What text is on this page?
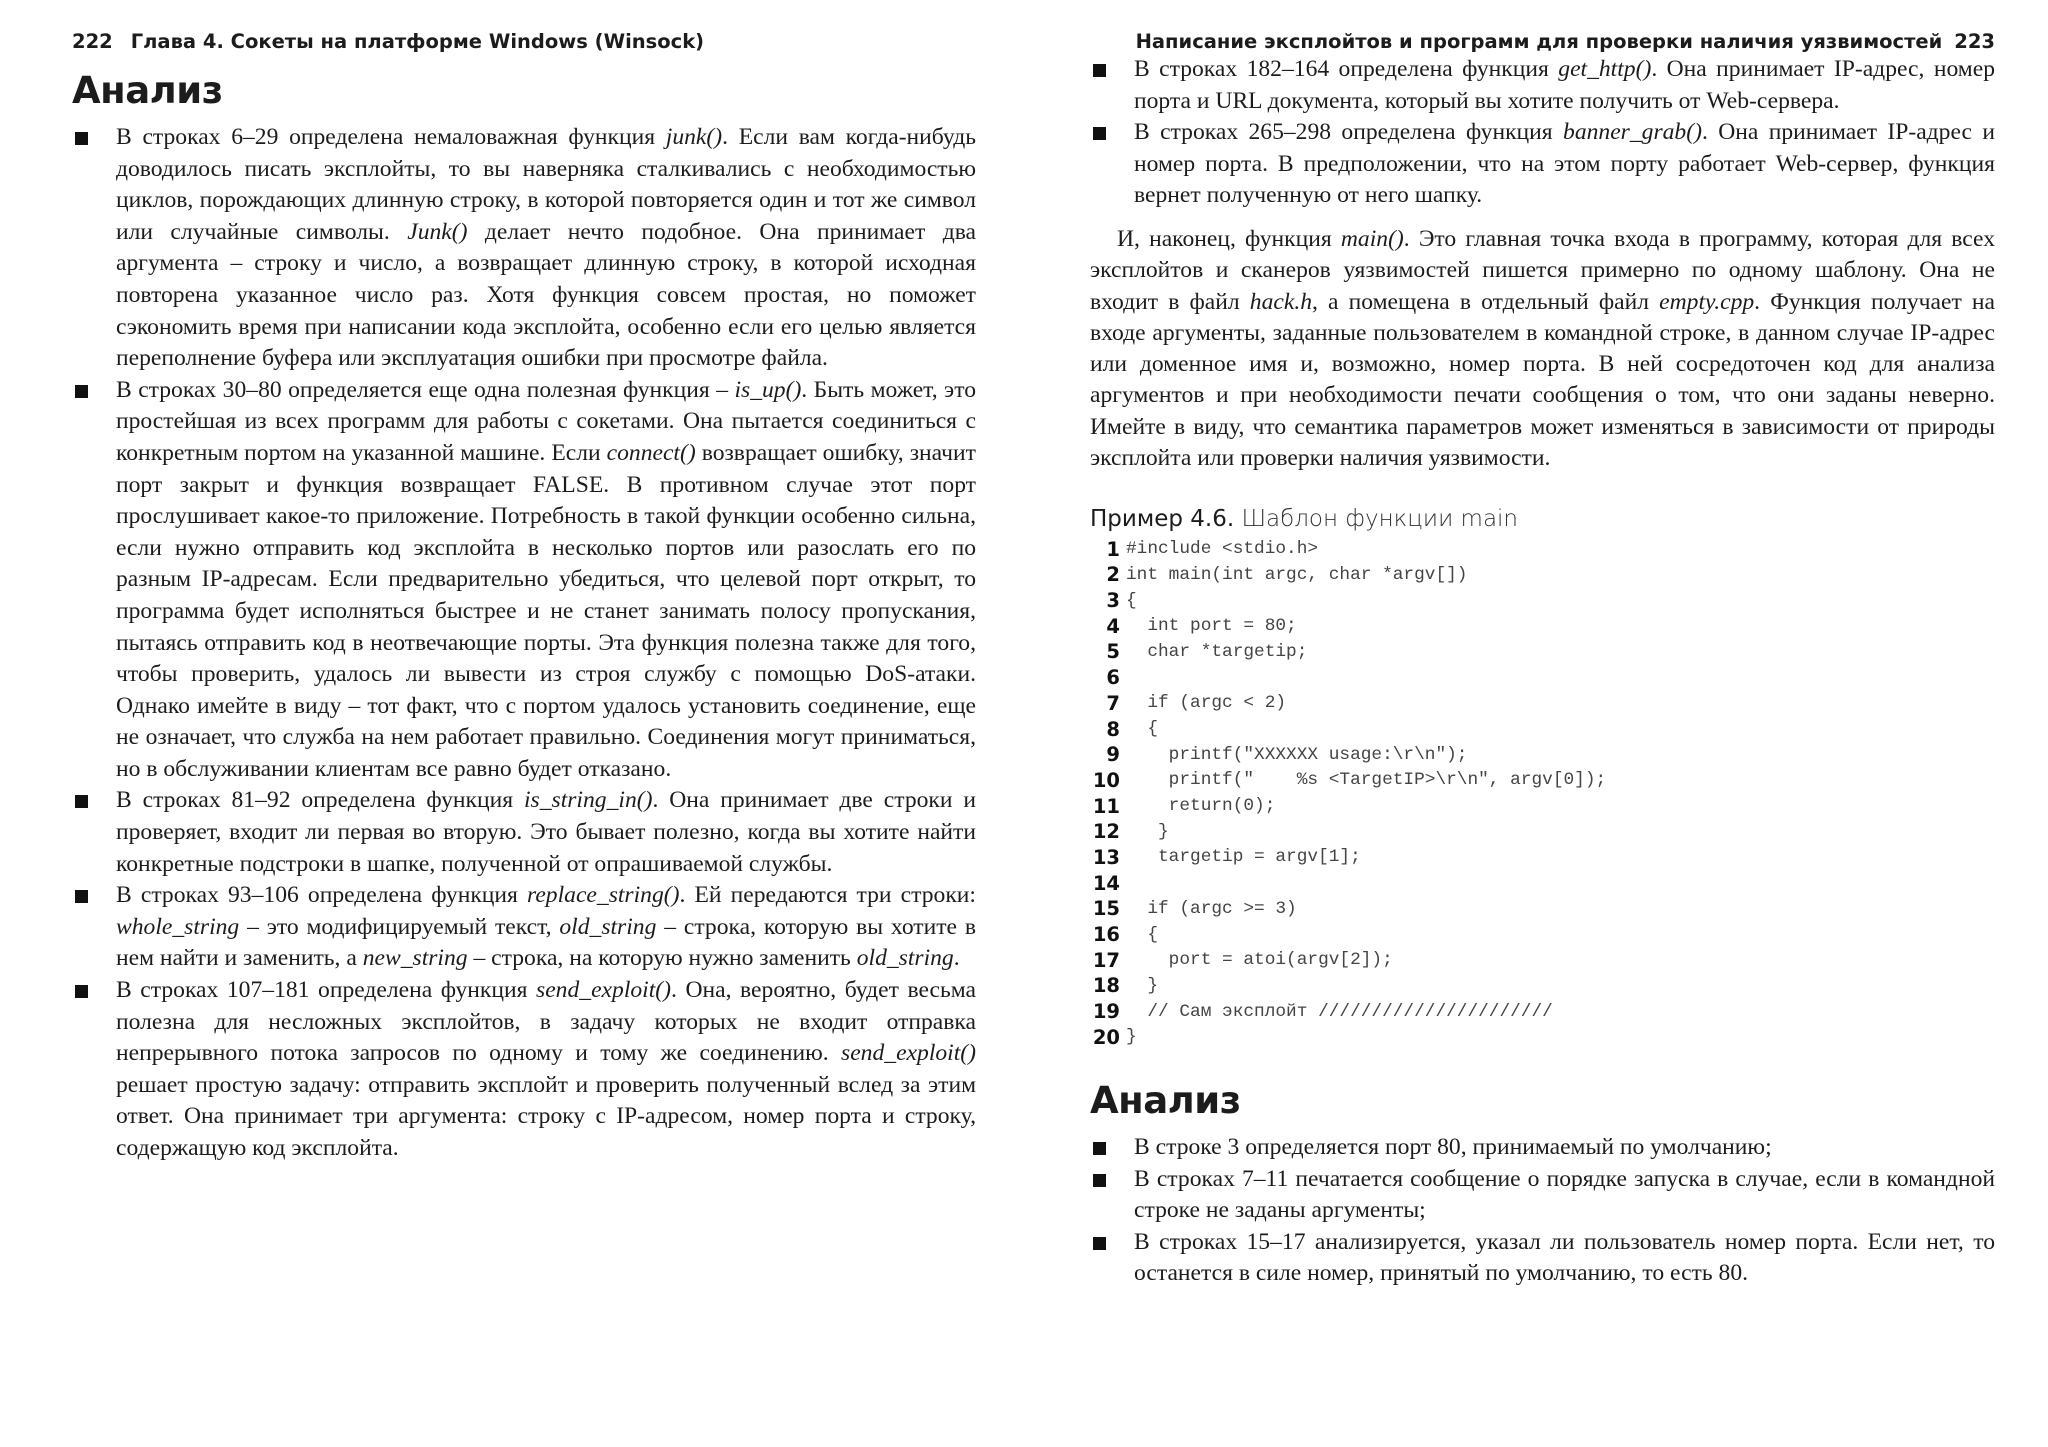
222 Глава 4. Сокеты на платформе Windows (Winsock)
Анализ
В строках 6–29 определена немаловажная функция junk(). Если вам когда-нибудь доводилось писать эксплойты, то вы наверняка сталкивались с необходимостью циклов, порождающих длинную строку, в которой повторяется один и тот же символ или случайные символы. Junk() делает нечто подобное. Она принимает два аргумента – строку и число, а возвращает длинную строку, в которой исходная повторена указанное число раз. Хотя функция совсем простая, но поможет сэкономить время при написании кода эксплойта, особенно если его целью является переполнение буфера или эксплуатация ошибки при просмотре файла.
В строках 30–80 определяется еще одна полезная функция – is_up(). Быть может, это простейшая из всех программ для работы с сокетами. Она пытается соединиться с конкретным портом на указанной машине. Если connect() возвращает ошибку, значит порт закрыт и функция возвращает FALSE. В противном случае этот порт прослушивает какое-то приложение. Потребность в такой функции особенно сильна, если нужно отправить код эксплойта в несколько портов или разослать его по разным IP-адресам. Если предварительно убедиться, что целевой порт открыт, то программа будет исполняться быстрее и не станет занимать полосу пропускания, пытаясь отправить код в неотвечающие порты. Эта функция полезна также для того, чтобы проверить, удалось ли вывести из строя службу с помощью DoS-атаки. Однако имейте в виду – тот факт, что с портом удалось установить соединение, еще не означает, что служба на нем работает правильно. Соединения могут приниматься, но в обслуживании клиентам все равно будет отказано.
В строках 81–92 определена функция is_string_in(). Она принимает две строки и проверяет, входит ли первая во вторую. Это бывает полезно, когда вы хотите найти конкретные подстроки в шапке, полученной от опрашиваемой службы.
В строках 93–106 определена функция replace_string(). Ей передаются три строки: whole_string – это модифицируемый текст, old_string – строка, которую вы хотите в нем найти и заменить, а new_string – строка, на которую нужно заменить old_string.
В строках 107–181 определена функция send_exploit(). Она, вероятно, будет весьма полезна для несложных эксплойтов, в задачу которых не входит отправка непрерывного потока запросов по одному и тому же соединению. send_exploit() решает простую задачу: отправить эксплойт и проверить полученный вслед за этим ответ. Она принимает три аргумента: строку с IP-адресом, номер порта и строку, содержащую код эксплойта.
Написание эксплойтов и программ для проверки наличия уязвимостей 223
В строках 182–164 определена функция get_http(). Она принимает IP-адрес, номер порта и URL документа, который вы хотите получить от Web-сервера.
В строках 265–298 определена функция banner_grab(). Она принимает IP-адрес и номер порта. В предположении, что на этом порту работает Web-сервер, функция вернет полученную от него шапку.

И, наконец, функция main(). Это главная точка входа в программу, которая для всех эксплойтов и сканеров уязвимостей пишется примерно по одному шаблону. Она не входит в файл hack.h, а помещена в отдельный файл empty.cpp. Функция получает на входе аргументы, заданные пользователем в командной строке, в данном случае IP-адрес или доменное имя и, возможно, номер порта. В ней сосредоточен код для анализа аргументов и при необходимости печати сообщения о том, что они заданы неверно. Имейте в виду, что семантика параметров может изменяться в зависимости от природы эксплойта или проверки наличия уязвимости.

Пример 4.6. Шаблон функции main
1 #include <stdio.h>
2 int main(int argc, char *argv[])
3 {
4 int port = 80;
5 char *targetip;
6
7 if (argc < 2)
8 {
9 printf("XXXXXX usage:\r\n");
10 printf("    %s <TargetIP>\r\n", argv[0]);
11 return(0);
12 }
13 targetip = argv[1];
14
15 if (argc >= 3)
16 {
17 port = atoi(argv[2]);
18 }
19 // Сам эксплойт //////////////////////
20 }
Анализ
В строке 3 определяется порт 80, принимаемый по умолчанию;
В строках 7–11 печатается сообщение о порядке запуска в случае, если в командной строке не заданы аргументы;
В строках 15–17 анализируется, указал ли пользователь номер порта. Если нет, то останется в силе номер, принятый по умолчанию, то есть 80.
